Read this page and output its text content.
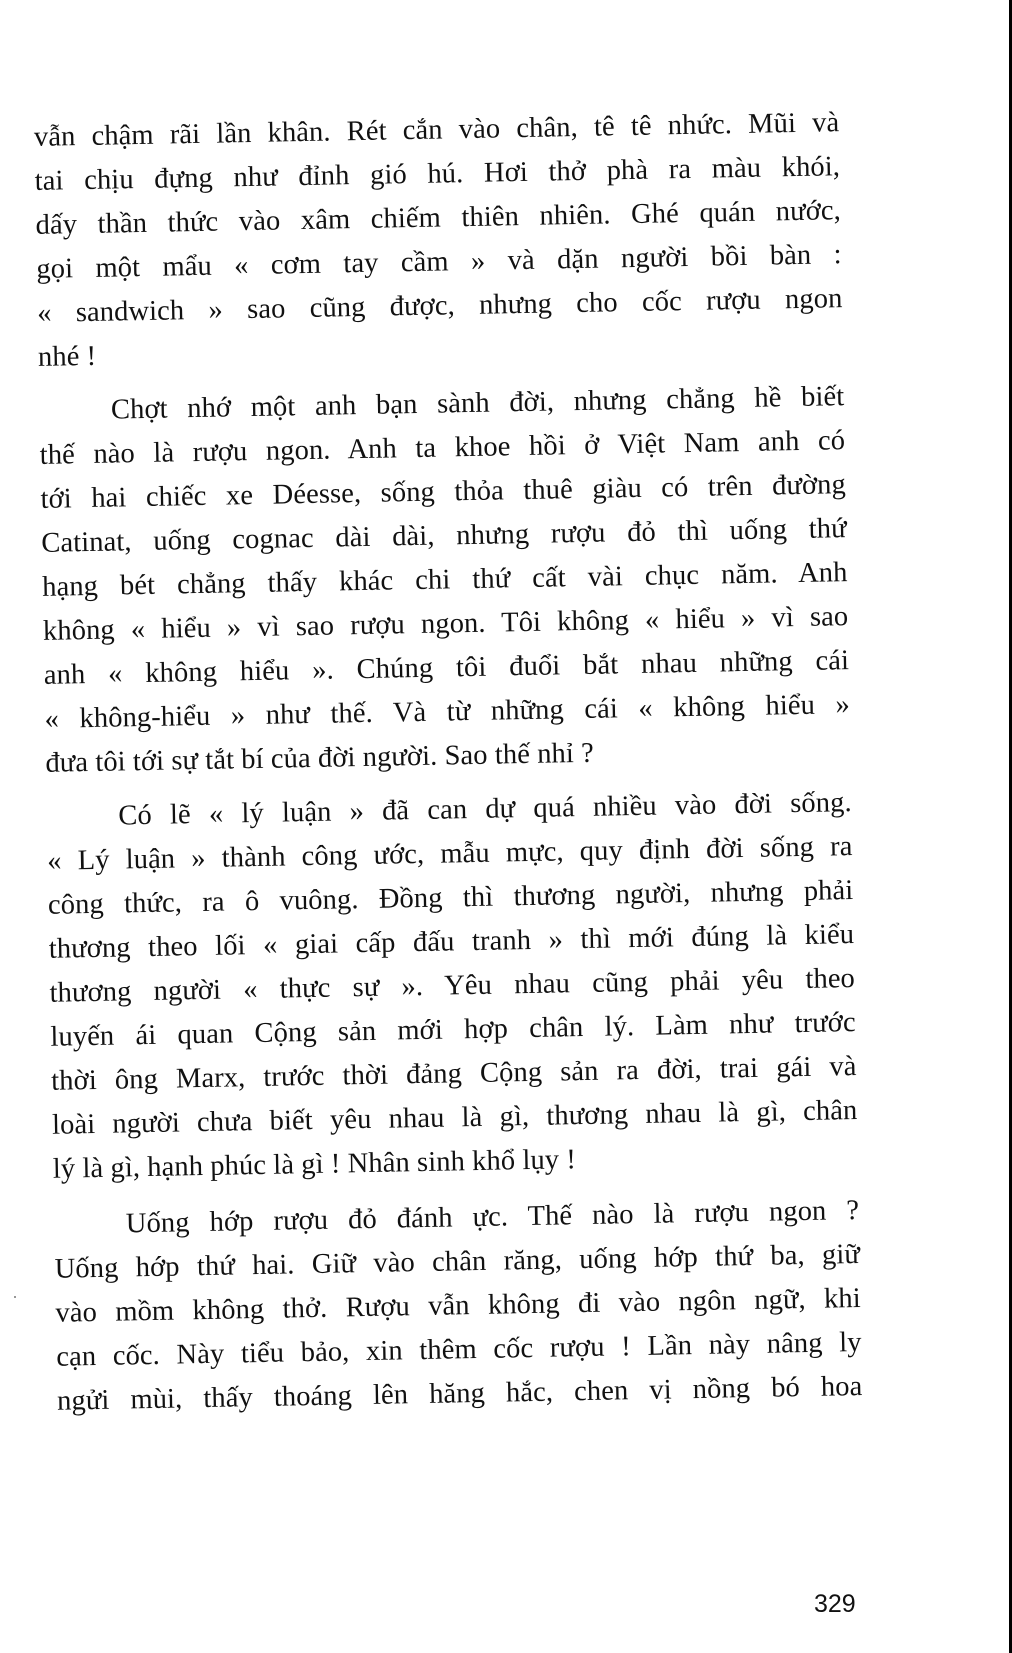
vẫn chậm rãi lần khân. Rét cắn vào chân, tê tê nhức. Mũi và
tai chịu đựng như đỉnh gió hú. Hơi thở phà ra màu khói,
dấy thần thức vào xâm chiếm thiên nhiên. Ghé quán nước,
gọi một mẩu « cơm tay cầm » và dặn người bồi bàn :
« sandwich » sao cũng được, nhưng cho cốc rượu ngon
nhé !
Chợt nhớ một anh bạn sành đời, nhưng chẳng hề biết
thế nào là rượu ngon. Anh ta khoe hồi ở Việt Nam anh có
tới hai chiếc xe Déesse, sống thỏa thuê giàu có trên đường
Catinat, uống cognac dài dài, nhưng rượu đỏ thì uống thứ
hạng bét chẳng thấy khác chi thứ cất vài chục năm. Anh
không « hiểu » vì sao rượu ngon. Tôi không « hiểu » vì sao
anh « không hiểu ». Chúng tôi đuổi bắt nhau những cái
« không-hiểu » như thế. Và từ những cái « không hiểu »
đưa tôi tới sự tắt bí của đời người. Sao thế nhỉ ?
Có lẽ « lý luận » đã can dự quá nhiều vào đời sống.
« Lý luận » thành công ước, mẫu mực, quy định đời sống ra
công thức, ra ô vuông. Đồng thì thương người, nhưng phải
thương theo lối « giai cấp đấu tranh » thì mới đúng là kiểu
thương người « thực sự ». Yêu nhau cũng phải yêu theo
luyến ái quan Cộng sản mới hợp chân lý. Làm như trước
thời ông Marx, trước thời đảng Cộng sản ra đời, trai gái và
loài người chưa biết yêu nhau là gì, thương nhau là gì, chân
lý là gì, hạnh phúc là gì ! Nhân sinh khổ lụy !
Uống hớp rượu đỏ đánh ực. Thế nào là rượu ngon ?
Uống hớp thứ hai. Giữ vào chân răng, uống hớp thứ ba, giữ
vào mồm không thở. Rượu vẫn không đi vào ngôn ngữ, khi
cạn cốc. Này tiểu bảo, xin thêm cốc rượu ! Lần này nâng ly
ngửi mùi, thấy thoáng lên hăng hắc, chen vị nồng bó hoa
329
